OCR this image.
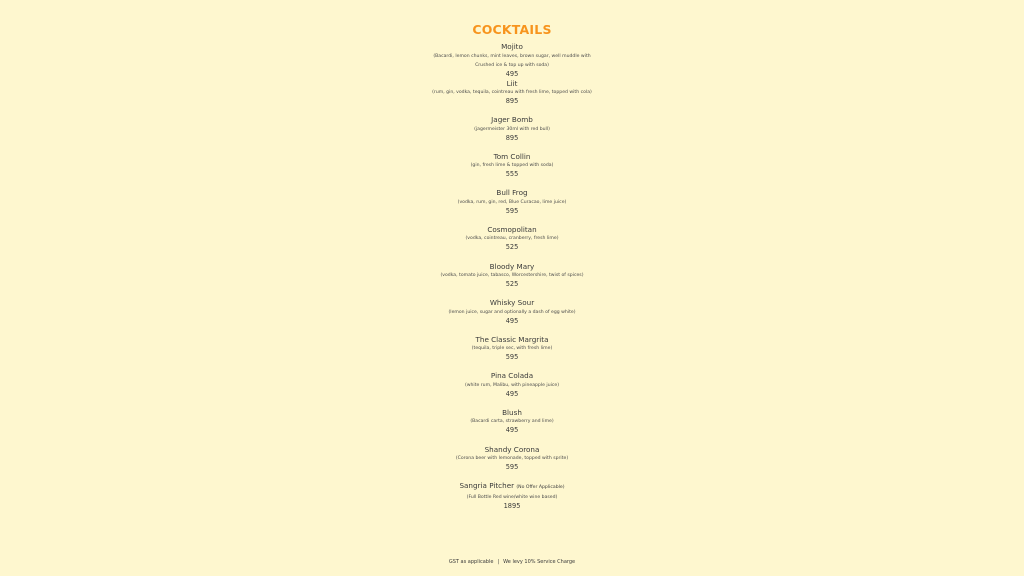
COCKTAILS
Mojito
(Bacardi, lemon chunks, mint leaves, brown sugar, well muddle with Crushed ice & top up with soda)
495
Liit
(rum, gin, vodka, tequila, cointreau with fresh lime, topped with cola)
895
Jager Bomb
(jagermeister 30ml with red bull)
895
Tom Collin
(gin, fresh lime & topped with soda)
555
Bull Frog
(vodka, rum, gin, red, Blue Curacao, lime juice)
595
Cosmopolitan
(vodka, cointreau, cranberry, fresh lime)
525
Bloody Mary
(vodka, tomato juice, tabasco, Worcestershire, twist of spices)
525
Whisky Sour
(lemon juice, sugar and optionally a dash of egg white)
495
The Classic Margrita
(tequila, triple sec, with fresh lime)
595
Pina Colada
(white rum, Malibu, with pineapple juice)
495
Blush
(Bacardi carta, strawberry and lime)
495
Shandy Corona
(Corona beer with lemonade, topped with sprite)
595
Sangria Pitcher (No Offer Applicable)
(Full Bottle Red wine/white wine based)
1895
GST as applicable | We levy 10% Service Charge
